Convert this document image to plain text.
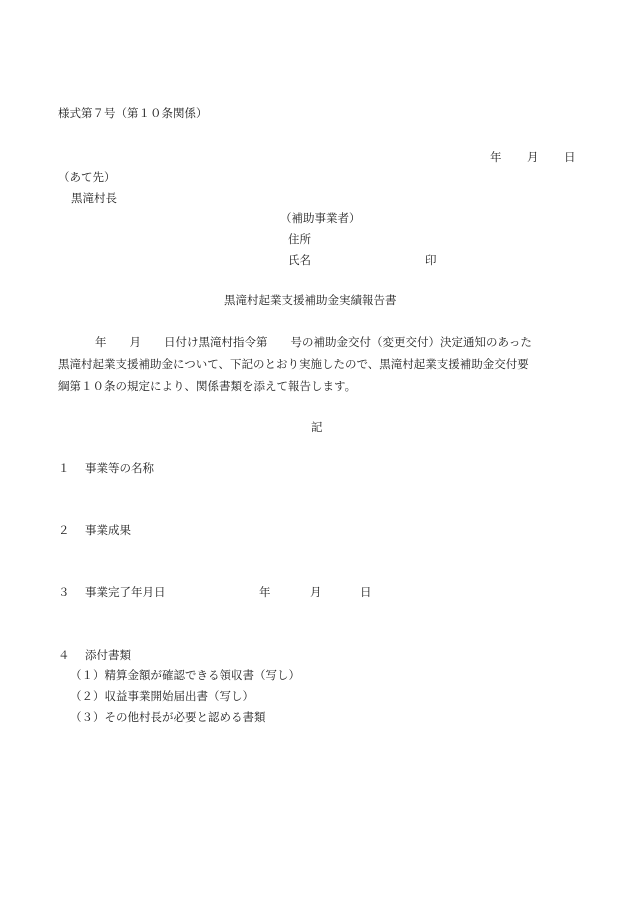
様式第７号（第１０条関係）
年 月 日
（あて先）
黒滝村長
（補助事業者）
住所
氏名	印
黒滝村起業支援補助金実績報告書
年　　月　　日付け黒滝村指令第　　号の補助金交付（変更交付）決定通知のあった
黒滝村起業支援補助金について、下記のとおり実施したので、黒滝村起業支援補助金交付要
綱第１０条の規定により、関係書類を添えて報告します。
記
１ 事業等の名称
２ 事業成果
３ 事業完了年月日	年	月	日
４ 添付書類
（１）精算金額が確認できる領収書（写し）
（２）収益事業開始届出書（写し）
（３）その他村長が必要と認める書類
